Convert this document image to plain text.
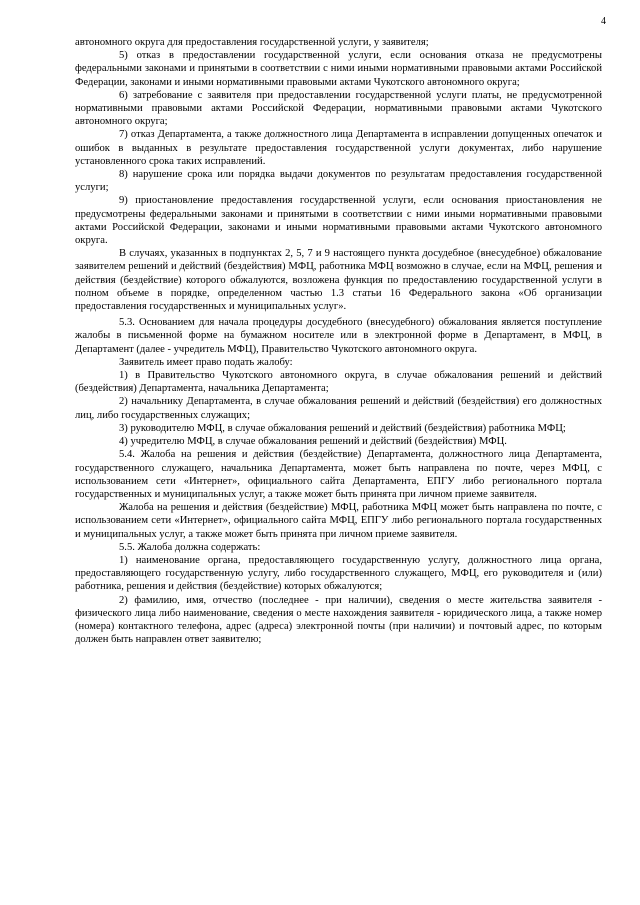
4

автономного округа для предоставления государственной услуги, у заявителя;

5) отказ в предоставлении государственной услуги, если основания отказа не предусмотрены федеральными законами и принятыми в соответствии с ними иными нормативными правовыми актами Российской Федерации, законами и иными нормативными правовыми актами Чукотского автономного округа;

6) затребование с заявителя при предоставлении государственной услуги платы, не предусмотренной нормативными правовыми актами Российской Федерации, нормативными правовыми актами Чукотского автономного округа;

7) отказ Департамента, а также должностного лица Департамента в исправлении допущенных опечаток и ошибок в выданных в результате предоставления государственной услуги документах, либо нарушение установленного срока таких исправлений.

8) нарушение срока или порядка выдачи документов по результатам предоставления государственной услуги;

9) приостановление предоставления государственной услуги, если основания приостановления не предусмотрены федеральными законами и принятыми в соответствии с ними иными нормативными правовыми актами Российской Федерации, законами и иными нормативными правовыми актами Чукотского автономного округа.

В случаях, указанных в подпунктах 2, 5, 7 и 9 настоящего пункта досудебное (внесудебное) обжалование заявителем решений и действий (бездействия) МФЦ, работника МФЦ возможно в случае, если на МФЦ, решения и действия (бездействие) которого обжалуются, возложена функция по предоставлению государственной услуги в полном объеме в порядке, определенном частью 1.3 статьи 16 Федерального закона «Об организации предоставления государственных и муниципальных услуг».

5.3. Основанием для начала процедуры досудебного (внесудебного) обжалования является поступление жалобы в письменной форме на бумажном носителе или в электронной форме в Департамент, в МФЦ, в Департамент (далее - учредитель МФЦ), Правительство Чукотского автономного округа.

Заявитель имеет право подать жалобу:

1) в Правительство Чукотского автономного округа, в случае обжалования решений и действий (бездействия) Департамента, начальника Департамента;

2) начальнику Департамента, в случае обжалования решений и действий (бездействия) его должностных лиц, либо государственных служащих;

3) руководителю МФЦ, в случае обжалования решений и действий (бездействия) работника МФЦ;

4) учредителю МФЦ, в случае обжалования решений и действий (бездействия) МФЦ.

5.4. Жалоба на решения и действия (бездействие) Департамента, должностного лица Департамента, государственного служащего, начальника Департамента, может быть направлена по почте, через МФЦ, с использованием сети «Интернет», официального сайта Департамента, ЕПГУ либо регионального портала государственных и муниципальных услуг, а также может быть принята при личном приеме заявителя.

Жалоба на решения и действия (бездействие) МФЦ, работника МФЦ может быть направлена по почте, с использованием сети «Интернет», официального сайта МФЦ, ЕПГУ либо регионального портала государственных и муниципальных услуг, а также может быть принята при личном приеме заявителя.

5.5. Жалоба должна содержать:

1) наименование органа, предоставляющего государственную услугу, должностного лица органа, предоставляющего государственную услугу, либо государственного служащего, МФЦ, его руководителя и (или) работника, решения и действия (бездействие) которых обжалуются;

2) фамилию, имя, отчество (последнее - при наличии), сведения о месте жительства заявителя - физического лица либо наименование, сведения о месте нахождения заявителя - юридического лица, а также номер (номера) контактного телефона, адрес (адреса) электронной почты (при наличии) и почтовый адрес, по которым должен быть направлен ответ заявителю;
